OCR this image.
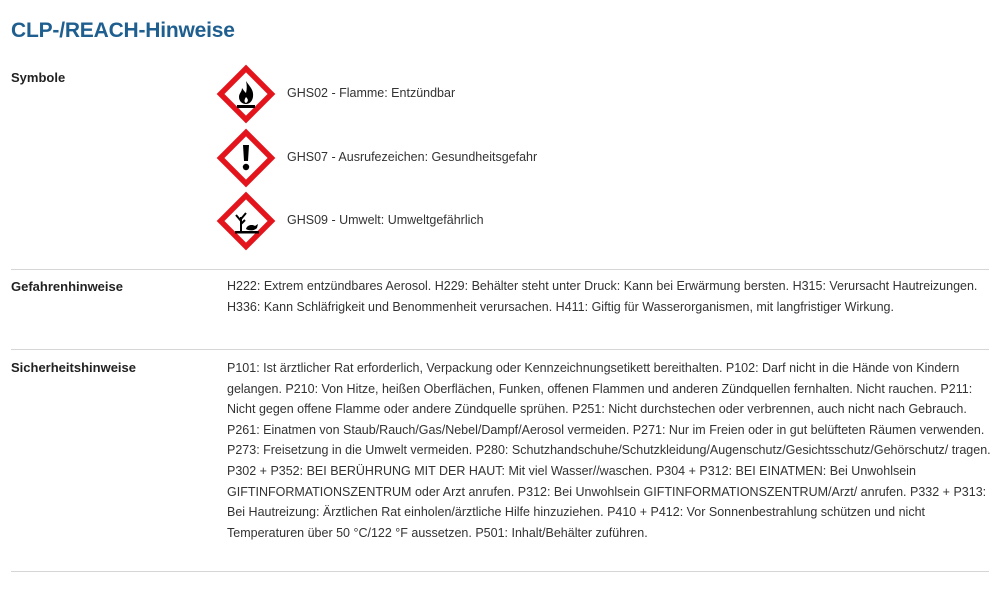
CLP-/REACH-Hinweise
Symbole
GHS02 - Flamme: Entzündbar
GHS07 - Ausrufezeichen: Gesundheitsgefahr
GHS09 - Umwelt: Umweltgefährlich
Gefahrenhinweise	H222: Extrem entzündbares Aerosol. H229: Behälter steht unter Druck: Kann bei Erwärmung bersten. H315: Verursacht Hautreizungen. H336: Kann Schläfrigkeit und Benommenheit verursachen. H411: Giftig für Wasserorganismen, mit langfristiger Wirkung.
Sicherheitshinweise	P101: Ist ärztlicher Rat erforderlich, Verpackung oder Kennzeichnungsetikett bereithalten. P102: Darf nicht in die Hände von Kindern gelangen. P210: Von Hitze, heißen Oberflächen, Funken, offenen Flammen und anderen Zündquellen fernhalten. Nicht rauchen. P211: Nicht gegen offene Flamme oder andere Zündquelle sprühen. P251: Nicht durchstechen oder verbrennen, auch nicht nach Gebrauch. P261: Einatmen von Staub/Rauch/Gas/Nebel/Dampf/Aerosol vermeiden. P271: Nur im Freien oder in gut belüfteten Räumen verwenden. P273: Freisetzung in die Umwelt vermeiden. P280: Schutzhandschuhe/Schutzkleidung/Augenschutz/Gesichtsschutz/Gehörschutz/ tragen. P302 + P352: BEI BERÜHRUNG MIT DER HAUT: Mit viel Wasser//waschen. P304 + P312: BEI EINATMEN: Bei Unwohlsein GIFTINFORMATIONSZENTRUM oder Arzt anrufen. P312: Bei Unwohlsein GIFTINFORMATIONSZENTRUM/Arzt/ anrufen. P332 + P313: Bei Hautreizung: Ärztlichen Rat einholen/ärztliche Hilfe hinzuziehen. P410 + P412: Vor Sonnenbestrahlung schützen und nicht Temperaturen über 50 °C/122 °F aussetzen. P501: Inhalt/Behälter zuführen.
